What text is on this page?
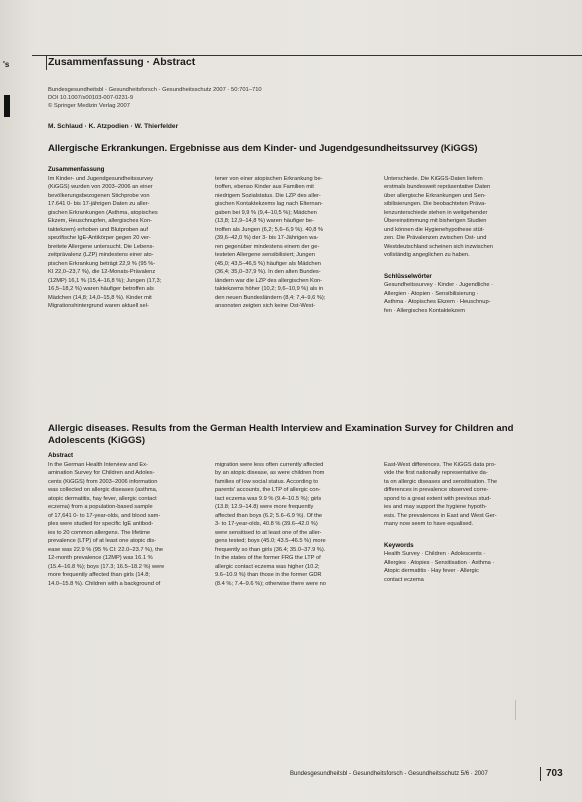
's	Zusammenfassung · Abstract
Bundesgesundheitsbl - Gesundheitsforsch - Gesundheitsschutz 2007 · 50:701–710
DOI 10.1007/s00103-007-0231-9
© Springer Medizin Verlag 2007
M. Schlaud · K. Atzpodien · W. Thierfelder
Allergische Erkrankungen. Ergebnisse aus dem Kinder- und Jugendgesundheitssurvey (KiGGS)
Zusammenfassung
Im Kinder- und Jugendgesundheitssurvey
(KiGGS) wurden von 2003–2006 an einer
bevölkerungsbezogenen Stichprobe von
17.641 0- bis 17-jährigen Daten zu aller-
gischen Erkrankungen (Asthma, atopisches
Ekzem, Heuschnupfen, allergisches Kon-
taktekzem) erhoben und Blutproben auf
spezifische IgE-Antikörper gegen 20 ver-
breitete Allergene untersucht. Die Lebens-
zeitprävalenz (LZP) mindestens einer ato-
pischen Erkrankung beträgt 22,9 % (95 %-
KI 22,0–23,7 %), die 12-Monats-Prävalenz
(12MP) 16,1 % (15,4–16,8 %); Jungen (17,3;
16,5–18,2 %) waren häufiger betroffen als
Mädchen (14,8; 14,0–15,8 %). Kinder mit
Migrationshintergrund waren aktuell sel-
tener von einer atopischen Erkrankung be-
troffen, ebenso Kinder aus Familien mit
niedrigem Sozialstatus. Die LZP des aller-
gischen Kontaktekzems lag nach Elternan-
gaben bei 9,9 % (9,4–10,5 %); Mädchen
(13,8; 12,9–14,8 %) waren häufiger be-
troffen als Jungen (6,2; 5,6–6,9 %). 40,8 %
(39,6–42,0 %) der 3- bis 17-Jährigen wa-
ren gegenüber mindestens einem der ge-
testeten Allergene sensibilisiert; Jungen
(45,0; 43,5–46,5 %) häufiger als Mädchen
(36,4; 35,0–37,9 %). In den alten Bundes-
ländern war die LZP des allergischen Kon-
taktekzems höher (10,2; 9,6–10,9 %) als in
den neuen Bundesländern (8,4; 7,4–9,6 %);
ansonsten zeigten sich keine Ost-West-
Unterschiede. Die KiGGS-Daten liefern
erstmals bundesweit repräsentative Daten
über allergische Erkrankungen und Sen-
sibilisierungen. Die beobachteten Präva-
lenzunterschiede stehen in weitgehender
Übereinstimmung mit bisherigen Studien
und können die Hygienehypothese stüt-
zen. Die Prävalenzen zwischen Ost- und
Westdeutschland scheinen sich inzwischen
vollständig angeglichen zu haben.
Schlüsselwörter
Gesundheitssurvey · Kinder · Jugendliche ·
Allergien · Atopien · Sensibilisierung ·
Asthma · Atopisches Ekzem · Heuschnup-
fen · Allergisches Kontaktekzem
Allergic diseases. Results from the German Health Interview and Examination Survey for Children and
Adolescents (KiGGS)
Abstract
In the German Health Interview and Ex-
amination Survey for Children and Adoles-
cents (KiGGS) from 2003–2006 information
was collected on allergic diseases (asthma,
atopic dermatitis, hay fever, allergic contact
eczema) from a population-based sample
of 17,641 0- to 17-year-olds, and blood sam-
ples were studied for specific IgE antibod-
ies to 20 common allergens. The lifetime
prevalence (LTP) of at least one atopic dis-
ease was 22.9 % (95 % CI: 22.0–23.7 %), the
12-month prevalence (12MP) was 16.1 %
(15.4–16.8 %); boys (17.3; 16.5–18.2 %) were
more frequently affected than girls (14.8;
14.0–15.8 %). Children with a background of
migration were less often currently affected
by an atopic disease, as were children from
families of low social status. According to
parents' accounts, the LTP of allergic con-
tact eczema was 9.9 % (9.4–10.5 %); girls
(13.8; 12.9–14.8) were more frequently
affected than boys (6.2; 5.6–6.9 %). Of the
3- to 17-year-olds, 40.8 % (39.6–42.0 %)
were sensitised to at least one of the aller-
gens tested; boys (45.0; 43.5–46.5 %) more
frequently so than girls (36.4; 35.0–37.9 %).
In the states of the former FRG the LTP of
allergic contact eczema was higher (10.2;
9.6–10.9 %) than those in the former GDR
(8.4 %; 7.4–9.6 %); otherwise there were no
East-West differences. The KiGGS data pro-
vide the first nationally representative da-
ta on allergic diseases and sensitisation. The
differences in prevalence observed corre-
spond to a great extent with previous stud-
ies and may support the hygiene hypoth-
esis. The prevalences in East and West Ger-
many now seem to have equalised.
Keywords
Health Survey · Children · Adolescents ·
Allergies · Atopies · Sensitisation · Asthma ·
Atopic dermatitis · Hay fever · Allergic
contact eczema
Bundesgesundheitsbl - Gesundheitsforsch - Gesundheitsschutz 5/6 · 2007	703
